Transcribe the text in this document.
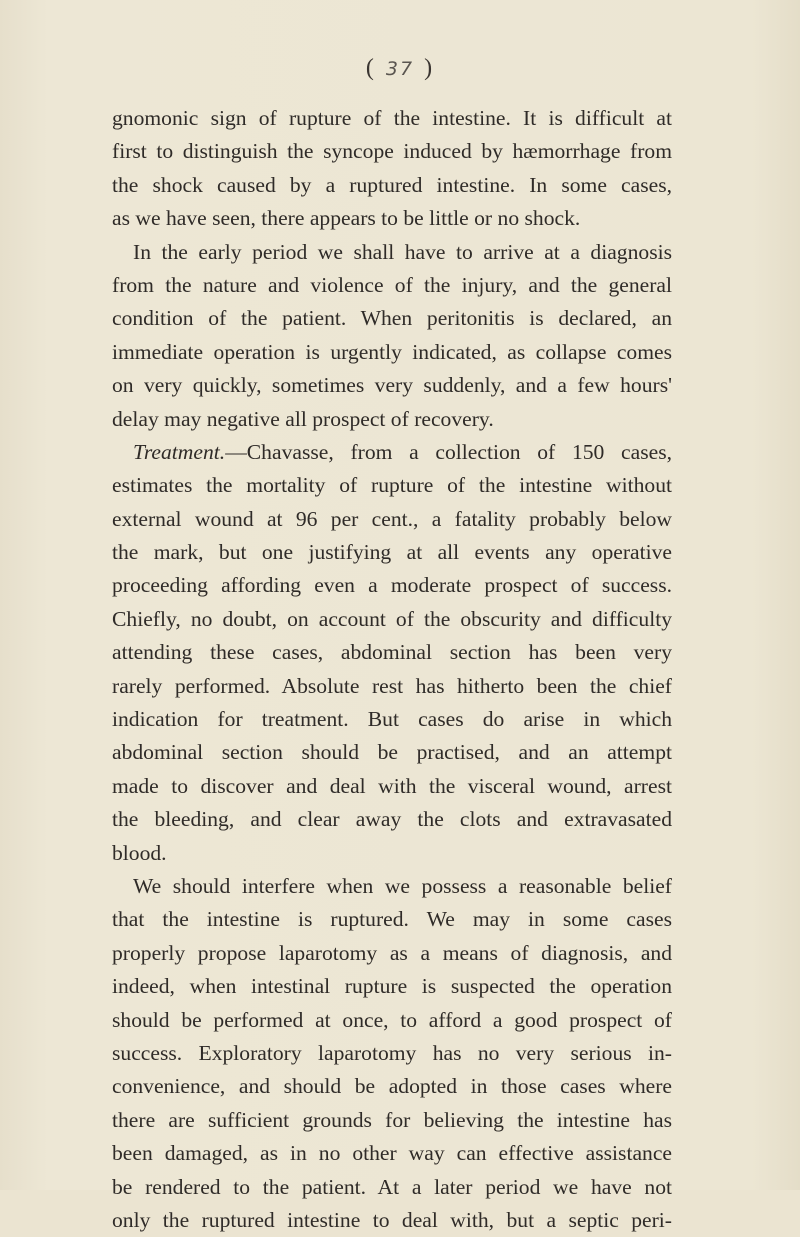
( 37 )
gnomonic sign of rupture of the intestine. It is difficult at
first to distinguish the syncope induced by hæmorrhage from
the shock caused by a ruptured intestine. In some cases,
as we have seen, there appears to be little or no shock.
In the early period we shall have to arrive at a diagnosis
from the nature and violence of the injury, and the general
condition of the patient. When peritonitis is declared, an
immediate operation is urgently indicated, as collapse comes
on very quickly, sometimes very suddenly, and a few hours'
delay may negative all prospect of recovery.
Treatment.—Chavasse, from a collection of 150 cases,
estimates the mortality of rupture of the intestine without
external wound at 96 per cent., a fatality probably below
the mark, but one justifying at all events any operative
proceeding affording even a moderate prospect of success.
Chiefly, no doubt, on account of the obscurity and difficulty
attending these cases, abdominal section has been very
rarely performed. Absolute rest has hitherto been the chief
indication for treatment. But cases do arise in which
abdominal section should be practised, and an attempt
made to discover and deal with the visceral wound, arrest
the bleeding, and clear away the clots and extravasated
blood.
We should interfere when we possess a reasonable belief
that the intestine is ruptured. We may in some cases
properly propose laparotomy as a means of diagnosis, and
indeed, when intestinal rupture is suspected the operation
should be performed at once, to afford a good prospect of
success. Exploratory laparotomy has no very serious in-
convenience, and should be adopted in those cases where
there are sufficient grounds for believing the intestine has
been damaged, as in no other way can effective assistance
be rendered to the patient. At a later period we have not
only the ruptured intestine to deal with, but a septic peri-
